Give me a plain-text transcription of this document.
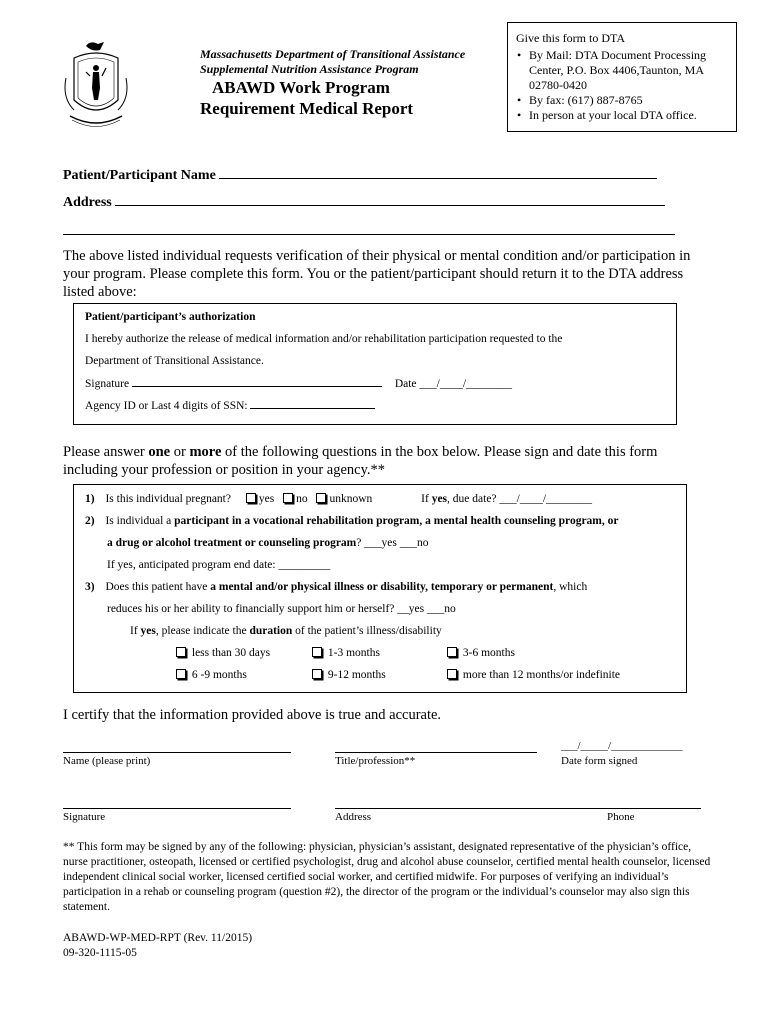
Massachusetts Department of Transitional Assistance
Supplemental Nutrition Assistance Program
ABAWD Work Program
Requirement Medical Report
Give this form to DTA
• By Mail: DTA Document Processing Center, P.O. Box 4406,Taunton, MA 02780-0420
• By fax: (617) 887-8765
• In person at your local DTA office.
Patient/Participant Name
Address
The above listed individual requests verification of their physical or mental condition and/or participation in your program. Please complete this form. You or the patient/participant should return it to the DTA address listed above:
Patient/participant’s authorization
I hereby authorize the release of medical information and/or rehabilitation participation requested to the
Department of Transitional Assistance.
Signature	Date ___/____/________
Agency ID or Last 4 digits of SSN:
Please answer one or more of the following questions in the box below. Please sign and date this form including your profession or position in your agency.**
1) Is this individual pregnant? yes no unknown	If yes, due date? ___/____/________
2) Is individual a participant in a vocational rehabilitation program, a mental health counseling program, or
a drug or alcohol treatment or counseling program? ___yes ___no
If yes, anticipated program end date: _________
3) Does this patient have a mental and/or physical illness or disability, temporary or permanent, which
reduces his or her ability to financially support him or herself? __yes ___no
If yes, please indicate the duration of the patient’s illness/disability
less than 30 days	1-3 months	3-6 months
6 -9 months	9-12 months	more than 12 months/or indefinite
I certify that the information provided above is true and accurate.
___/_____/_____________
Name (please print)	Title/profession**	Date form signed
Signature	Address	Phone
** This form may be signed by any of the following: physician, physician’s assistant, designated representative of the physician’s office, nurse practitioner, osteopath, licensed or certified psychologist, drug and alcohol abuse counselor, certified mental health counselor, licensed independent clinical social worker, licensed certified social worker, and certified midwife. For purposes of verifying an individual’s participation in a rehab or counseling program (question #2), the director of the program or the individual’s counselor may also sign this statement.
ABAWD-WP-MED-RPT (Rev. 11/2015)
09-320-1115-05
